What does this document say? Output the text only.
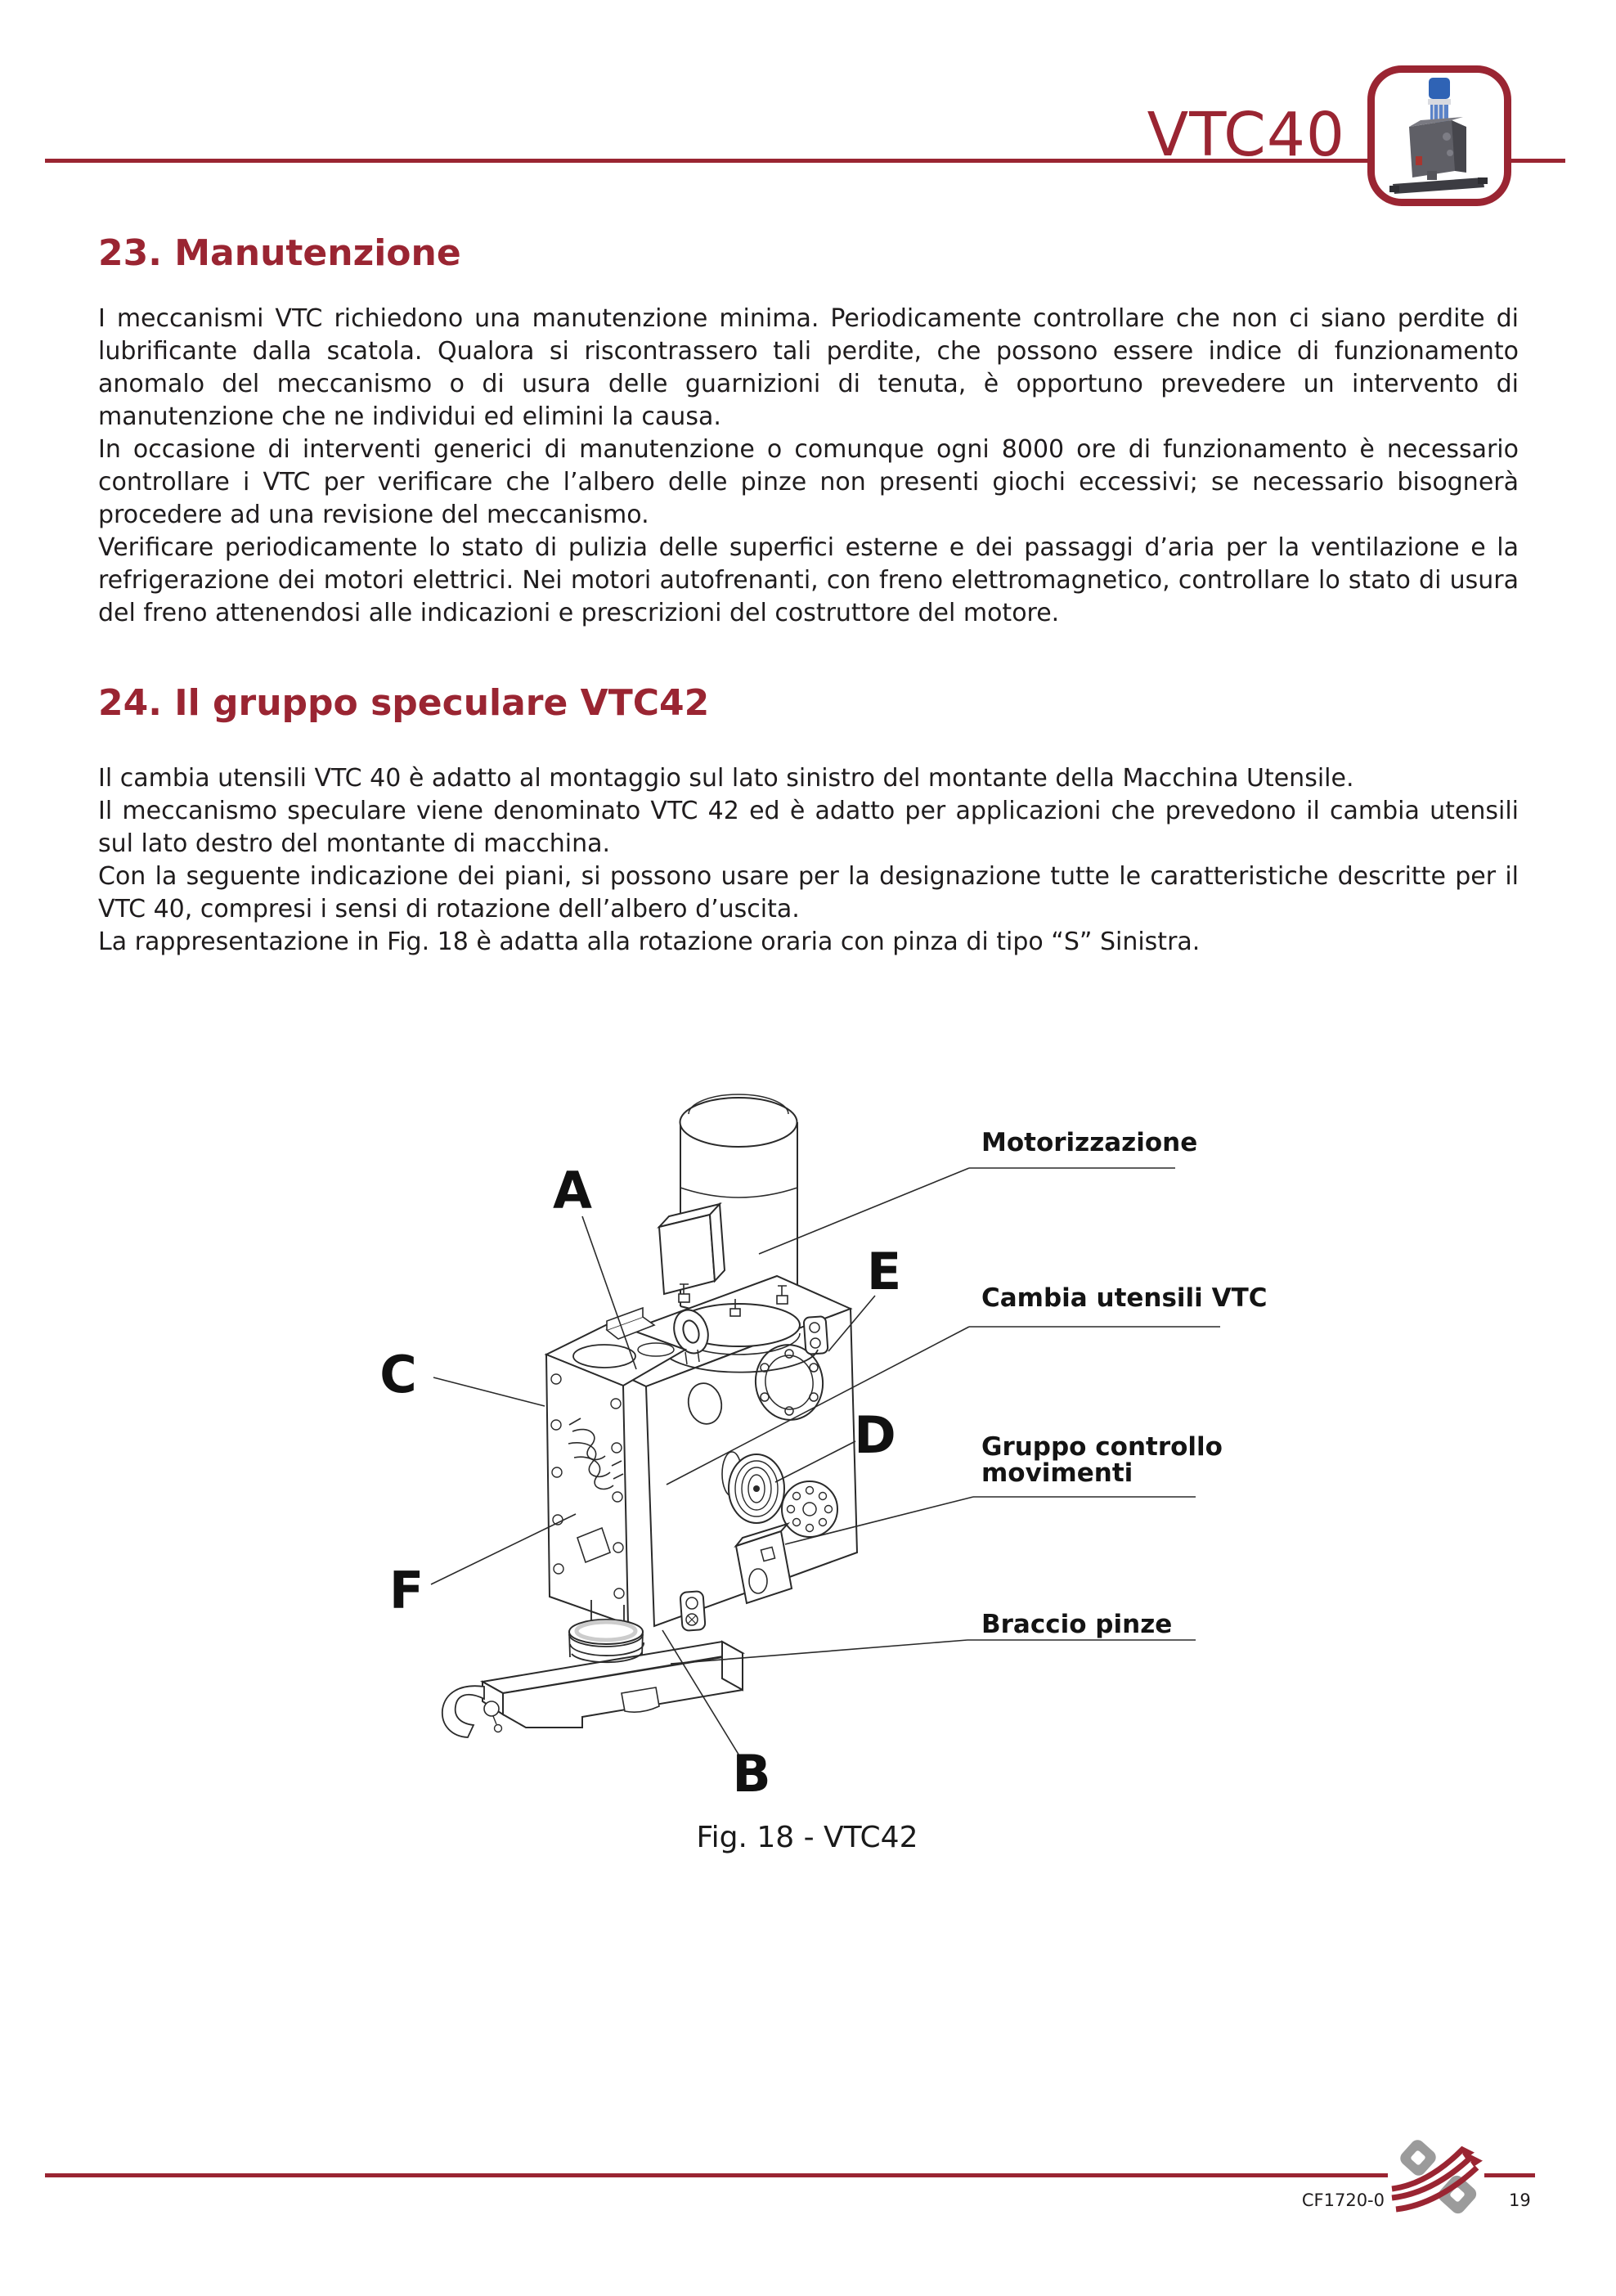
VTC40
23. Manutenzione

I meccanismi VTC richiedono una manutenzione minima. Periodicamente controllare che non ci siano perdite di lubrificante dalla scatola. Qualora si riscontrassero tali perdite, che possono essere indice di funzionamento anomalo del meccanismo o di usura delle guarnizioni di tenuta, è opportuno prevedere un intervento di manutenzione che ne individui ed elimini la causa.

In occasione di interventi generici di manutenzione o comunque ogni 8000 ore di funzionamento è necessario controllare i VTC per verificare che l’albero delle pinze non presenti giochi eccessivi; se necessario bisognerà procedere ad una revisione del meccanismo.

Verificare periodicamente lo stato di pulizia delle superfici esterne e dei passaggi d’aria per la ventilazione e la refrigerazione dei motori elettrici. Nei motori autofrenanti, con freno elettromagnetico, controllare lo stato di usura del freno attenendosi alle indicazioni e prescrizioni del costruttore del motore.

24. Il gruppo speculare VTC42

Il cambia utensili VTC 40 è adatto al montaggio sul lato sinistro del montante della Macchina Utensile.

Il meccanismo speculare viene denominato VTC 42 ed è adatto per applicazioni che prevedono il cambia utensili sul lato destro del montante di macchina.

Con la seguente indicazione dei piani, si possono usare per la designazione tutte le caratteristiche descritte per il VTC 40, compresi i sensi di rotazione dell’albero d’uscita.

La rappresentazione in Fig. 18 è adatta alla rotazione oraria con pinza di tipo “S” Sinistra.

A
B
C
D
E
F
Motorizzazione
Cambia utensili VTC
Gruppo controllo
movimenti
Braccio pinze
Fig. 18 - VTC42
CF1720-0	19
